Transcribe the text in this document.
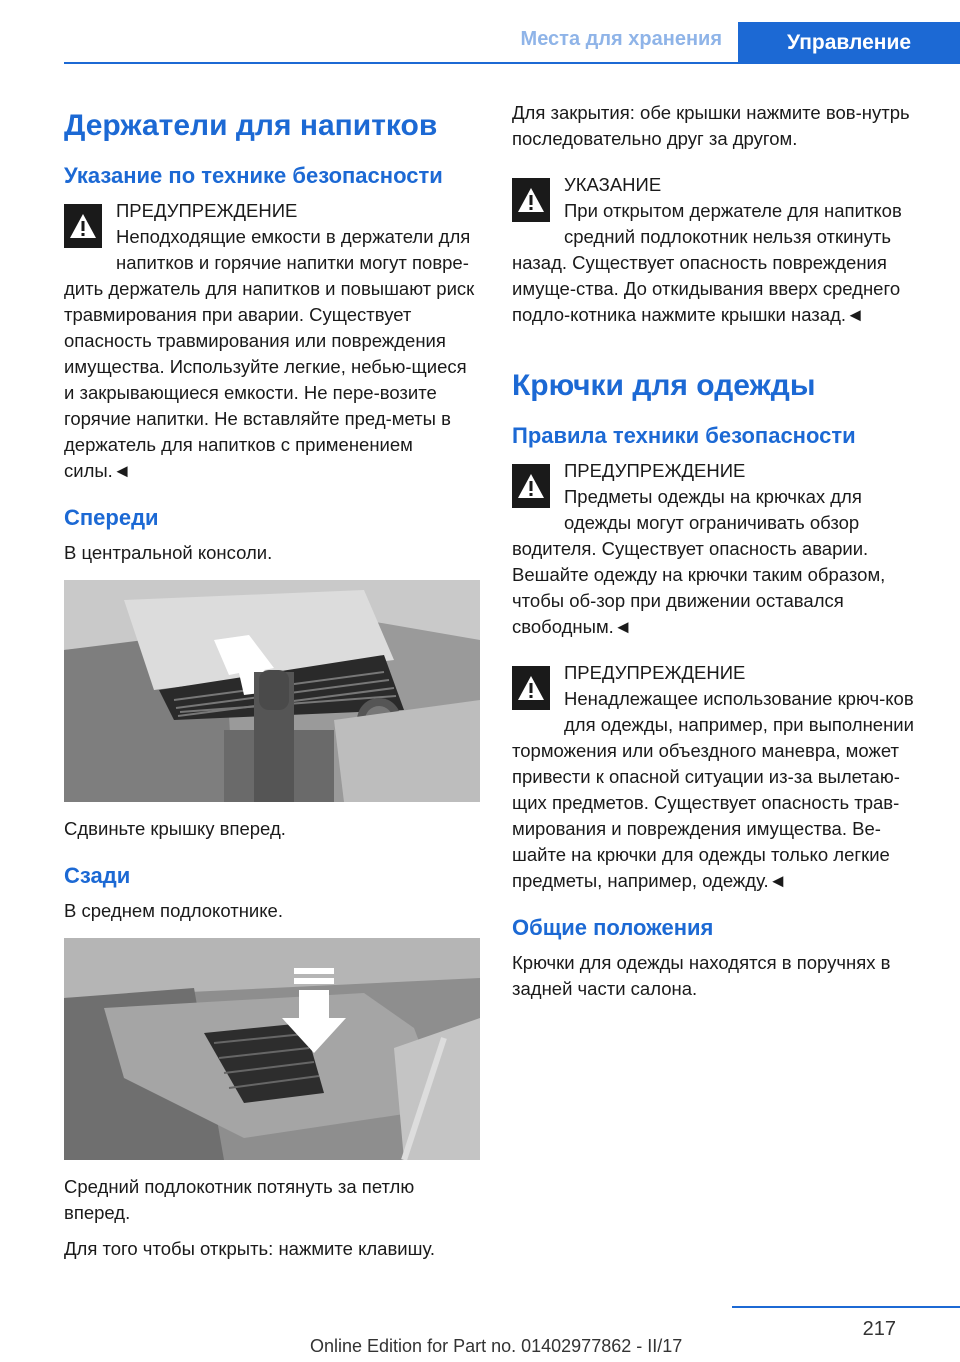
Места для хранения	Управление
Держатели для напитков
Указание по технике безопасности
ПРЕДУПРЕЖДЕНИЕ
Неподходящие емкости в держатели для напитков и горячие напитки могут повре-дить держатель для напитков и повышают риск травмирования при аварии. Существует опасность травмирования или повреждения имущества. Используйте легкие, небью-щиеся и закрывающиеся емкости. Не пере-возите горячие напитки. Не вставляйте пред-меты в держатель для напитков с применением силы.◄
Спереди
В центральной консоли.
Сдвиньте крышку вперед.
Сзади
В среднем подлокотнике.
Средний подлокотник потянуть за петлю вперед.
Для того чтобы открыть: нажмите клавишу.
Для закрытия: обе крышки нажмите вов-нутрь последовательно друг за другом.
УКАЗАНИЕ
При открытом держателе для напитков средний подлокотник нельзя откинуть назад. Существует опасность повреждения имуще-ства. До откидывания вверх среднего подло-котника нажмите крышки назад.◄
Крючки для одежды
Правила техники безопасности
ПРЕДУПРЕЖДЕНИЕ
Предметы одежды на крючках для одежды могут ограничивать обзор водителя. Существует опасность аварии. Вешайте одежду на крючки таким образом, чтобы об-зор при движении оставался свободным.◄
ПРЕДУПРЕЖДЕНИЕ
Ненадлежащее использование крюч-ков для одежды, например, при выполнении торможения или объездного маневра, может привести к опасной ситуации из-за вылетаю-щих предметов. Существует опасность трав-мирования и повреждения имущества. Ве-шайте на крючки для одежды только легкие предметы, например, одежду.◄
Общие положения
Крючки для одежды находятся в поручнях в задней части салона.
217
Online Edition for Part no. 01402977862 - II/17
